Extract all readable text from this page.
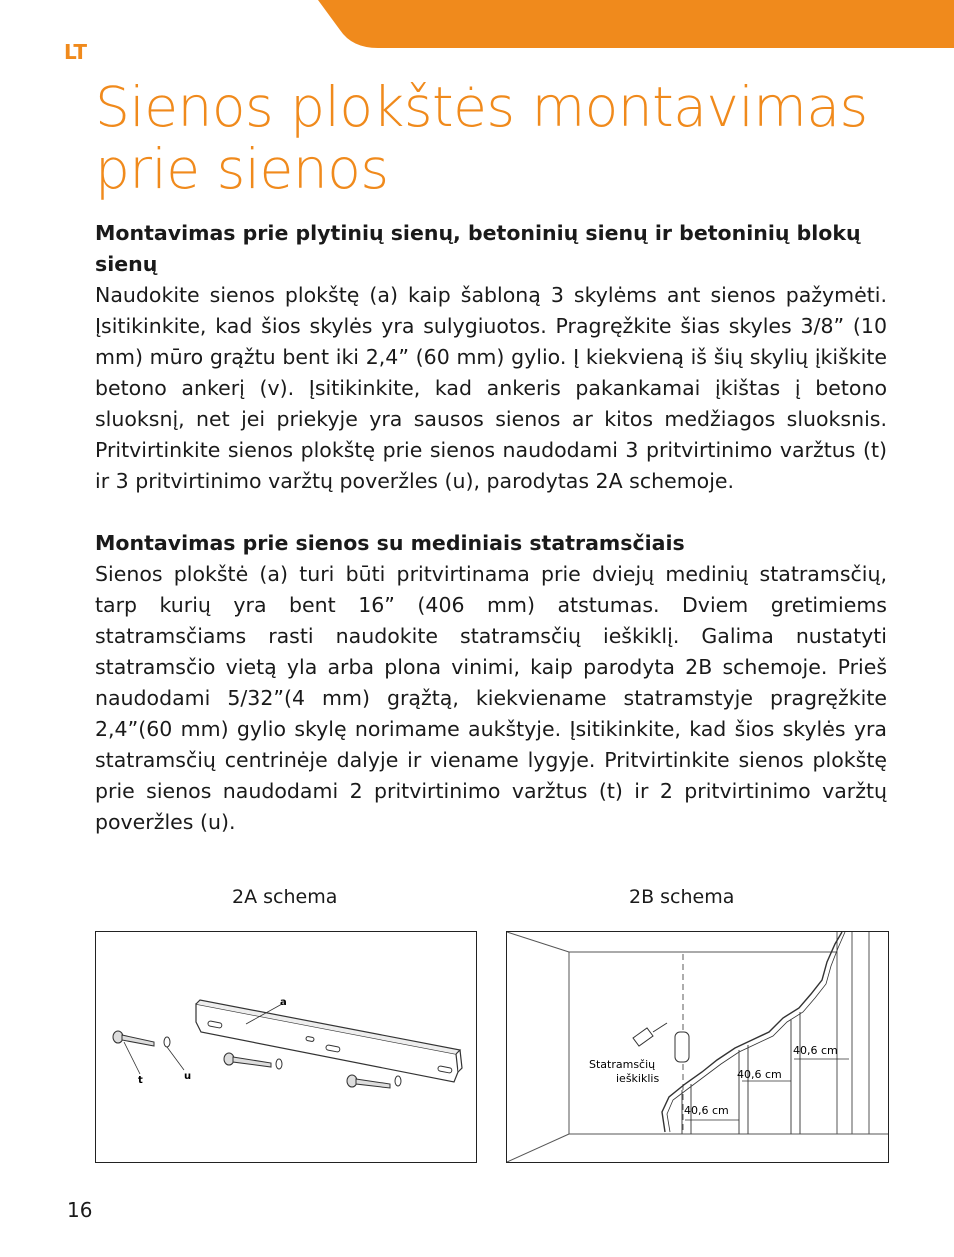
LT
Sienos plokštės montavimas
prie sienos
Montavimas prie plytinių sienų, betoninių sienų ir betoninių blokų sienų

Naudokite sienos plokštę (a) kaip šabloną 3 skylėms ant sienos pažymėti. Įsitikinkite, kad šios skylės yra sulygiuotos. Pragręžkite šias skyles 3/8” (10 mm) mūro grąžtu bent iki 2,4” (60 mm) gylio. Į kiekvieną iš šių skylių įkiškite betono ankerį (v). Įsitikinkite, kad ankeris pakankamai įkištas į betono sluoksnį, net jei priekyje yra sausos sienos ar kitos medžiagos sluoksnis. Pritvirtinkite sienos plokštę prie sienos naudodami 3 pritvirtinimo varžtus (t) ir 3 pritvirtinimo varžtų poveržles (u), parodytas 2A schemoje.

Montavimas prie sienos su mediniais statramsčiais

Sienos plokštė (a) turi būti pritvirtinama prie dviejų medinių statramsčių, tarp kurių yra bent 16” (406 mm) atstumas. Dviem gretimiems statramsčiams rasti naudokite statramsčių ieškiklį. Galima nustatyti statramsčio vietą yla arba plona vinimi, kaip parodyta 2B schemoje. Prieš naudodami 5/32”(4 mm) grąžtą, kiekviename statramstyje pragręžkite 2,4”(60 mm) gylio skylę norimame aukštyje. Įsitikinkite, kad šios skylės yra statramsčių centrinėje dalyje ir viename lygyje. Pritvirtinkite sienos plokštę prie sienos naudodami 2 pritvirtinimo varžtus (t) ir 2 pritvirtinimo varžtų poveržles (u).

2A schema	2B schema
a
t	u
Statramsčių
ieškiklis
40,6 cm
40,6 cm
40,6 cm
16
